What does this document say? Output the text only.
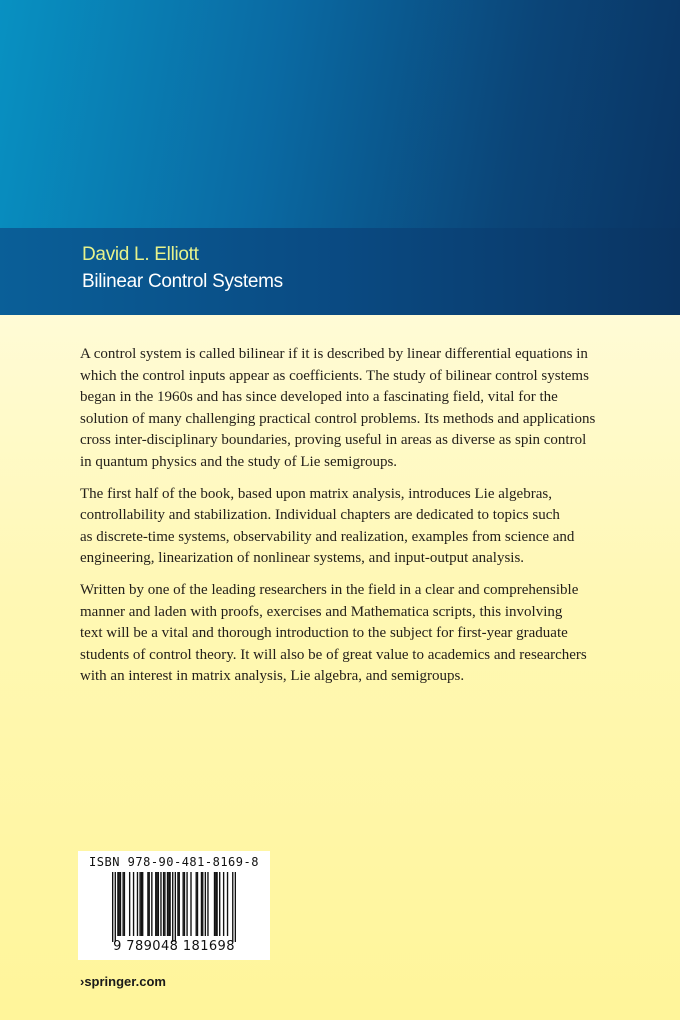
David L. Elliott
Bilinear Control Systems
A control system is called bilinear if it is described by linear differential equations in
which the control inputs appear as coefficients. The study of bilinear control systems
began in the 1960s and has since developed into a fascinating field, vital for the
solution of many challenging practical control problems. Its methods and applications
cross inter-disciplinary boundaries, proving useful in areas as diverse as spin control
in quantum physics and the study of Lie semigroups.
The first half of the book, based upon matrix analysis, introduces Lie algebras,
controllability and stabilization. Individual chapters are dedicated to topics such
as discrete-time systems, observability and realization, examples from science and
engineering, linearization of nonlinear systems, and input-output analysis.
Written by one of the leading researchers in the field in a clear and comprehensible
manner and laden with proofs, exercises and Mathematica scripts, this involving
text will be a vital and thorough introduction to the subject for first-year graduate
students of control theory. It will also be of great value to academics and researchers
with an interest in matrix analysis, Lie algebra, and semigroups.
ISBN 978-90-481-8169-8
9 789048 181698
›springer.com
